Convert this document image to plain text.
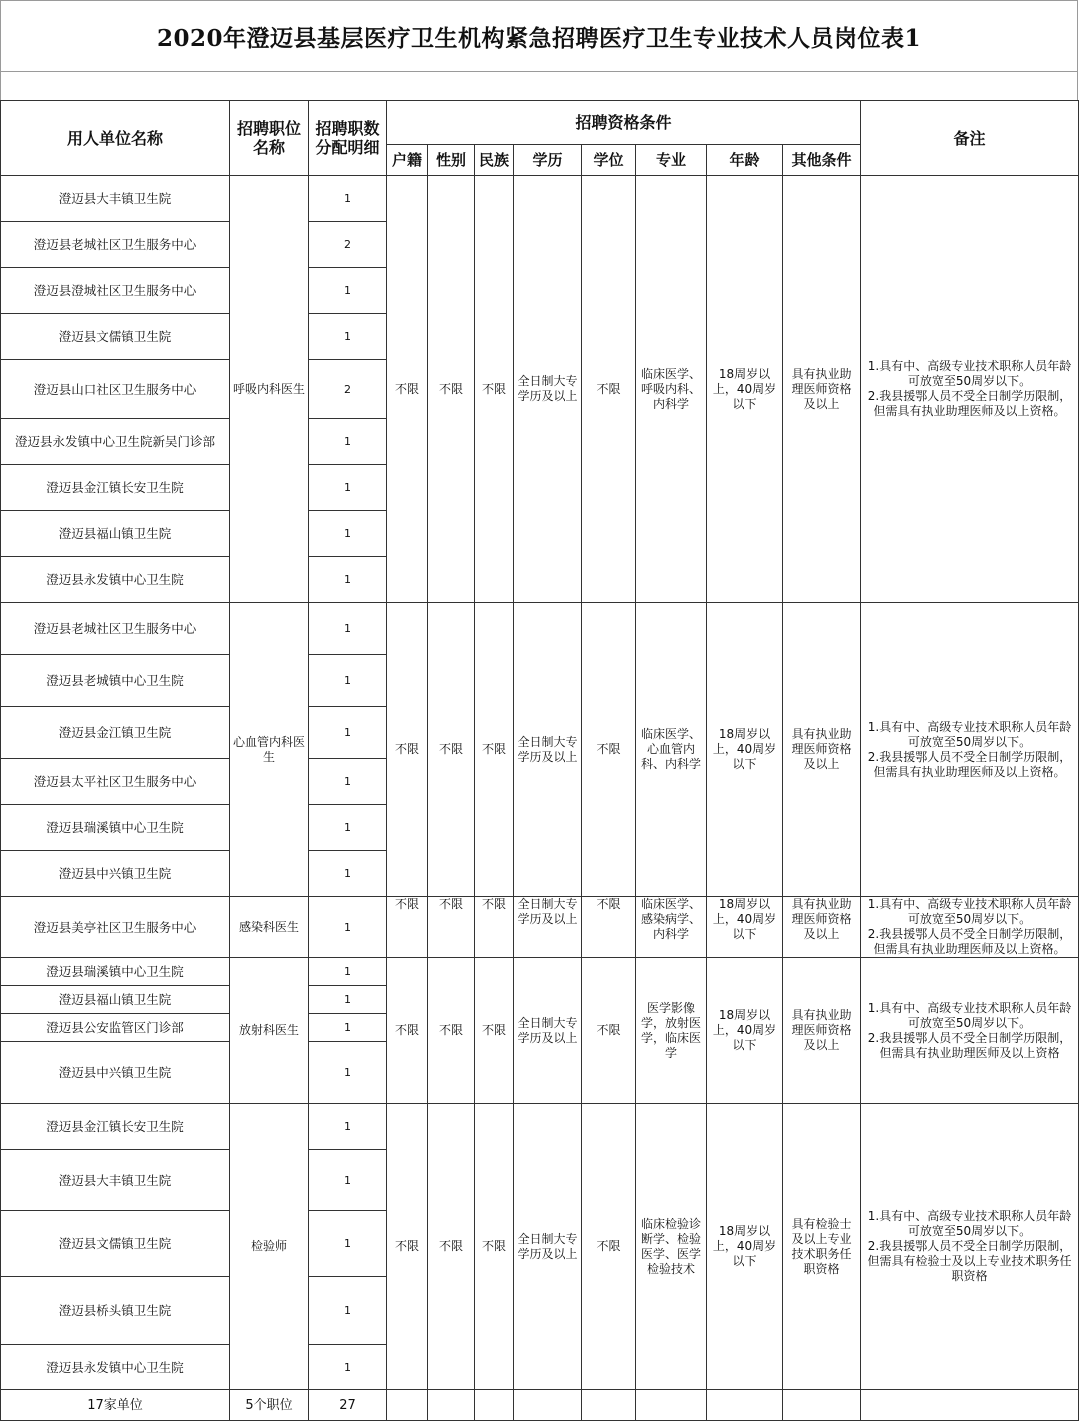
2020年澄迈县基层医疗卫生机构紧急招聘医疗卫生专业技术人员岗位表1
用人单位名称	招聘职位名称	招聘职数分配明细	招聘资格条件								备注
			户籍	性别	民族	学历	学位	专业	年龄	其他条件	
澄迈县大丰镇卫生院	呼吸内科医生	1	不限	不限	不限	全日制大专学历及以上	不限	临床医学、呼吸内科、内科学	18周岁以上，40周岁以下	具有执业助理医师资格及以上	1.具有中、高级专业技术职称人员年龄可放宽至50周岁以下。
2.我县援鄂人员不受全日制学历限制，但需具有执业助理医师及以上资格。

澄迈县老城社区卫生服务中心		2									
澄迈县澄城社区卫生服务中心		1									
澄迈县文儒镇卫生院		1									
澄迈县山口社区卫生服务中心		2									
澄迈县永发镇中心卫生院新吴门诊部		1									
澄迈县金江镇长安卫生院		1									
澄迈县福山镇卫生院		1									
澄迈县永发镇中心卫生院		1									
澄迈县老城社区卫生服务中心	心血管内科医生	1	不限	不限	不限	全日制大专学历及以上	不限	临床医学、心血管内科、内科学	18周岁以上，40周岁以下	具有执业助理医师资格及以上	1.具有中、高级专业技术职称人员年龄可放宽至50周岁以下。
2.我县援鄂人员不受全日制学历限制，但需具有执业助理医师及以上资格。

澄迈县老城镇中心卫生院		1									
澄迈县金江镇卫生院		1									
澄迈县太平社区卫生服务中心		1									
澄迈县瑞溪镇中心卫生院		1									
澄迈县中兴镇卫生院		1									
澄迈县美亭社区卫生服务中心	感染科医生	1	不限	不限	不限	全日制大专学历及以上	不限	临床医学、感染病学、内科学	18周岁以上，40周岁以下	具有执业助理医师资格及以上	1.具有中、高级专业技术职称人员年龄可放宽至50周岁以下。
2.我县援鄂人员不受全日制学历限制，但需具有执业助理医师及以上资格。

澄迈县瑞溪镇中心卫生院	放射科医生	1	不限	不限	不限	全日制大专学历及以上	不限	医学影像学，放射医学，临床医学	18周岁以上，40周岁以下	具有执业助理医师资格及以上	1.具有中、高级专业技术职称人员年龄可放宽至50周岁以下。
2.我县援鄂人员不受全日制学历限制，但需具有执业助理医师及以上资格

澄迈县福山镇卫生院		1									
澄迈县公安监管区门诊部		1									
澄迈县中兴镇卫生院		1									
澄迈县金江镇长安卫生院	检验师	1	不限	不限	不限	全日制大专学历及以上	不限	临床检验诊断学、检验医学、医学检验技术	18周岁以上，40周岁以下	具有检验士及以上专业技术职务任职资格	1.具有中、高级专业技术职称人员年龄可放宽至50周岁以下。
2.我县援鄂人员不受全日制学历限制，但需具有检验士及以上专业技术职务任职资格

澄迈县大丰镇卫生院		1									
澄迈县文儒镇卫生院		1									
澄迈县桥头镇卫生院		1									
澄迈县永发镇中心卫生院		1									
17家单位	5个职位	27									
